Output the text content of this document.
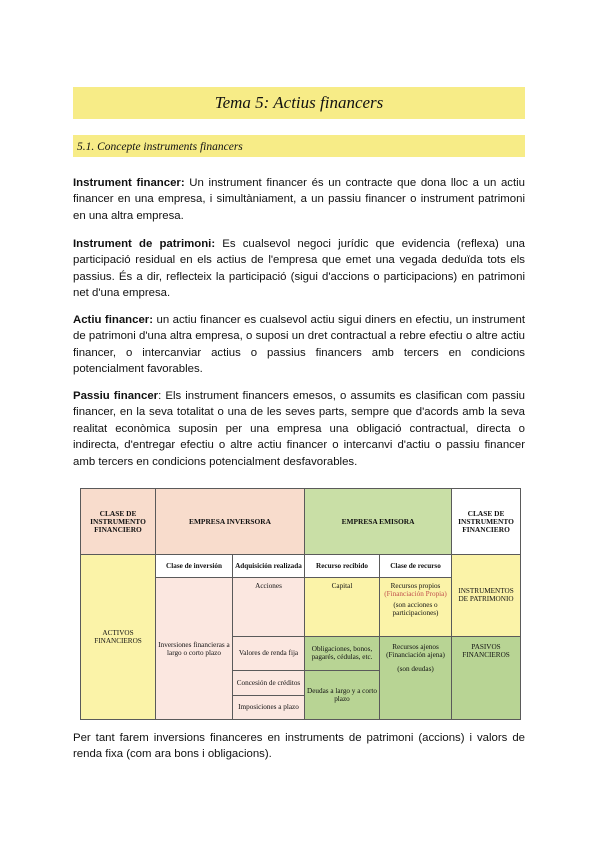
Tema 5: Actius financers
5.1. Concepte instruments financers

Instrument financer: Un instrument financer és un contracte que dona lloc a un actiu financer en una empresa, i simultàniament, a un passiu financer o instrument patrimoni en una altra empresa.

Instrument de patrimoni: Es cualsevol negoci jurídic que evidencia (reflexa) una participació residual en els actius de l'empresa que emet una vegada deduïda tots els passius. És a dir, reflecteix la participació (sigui d'accions o participacions) en patrimoni net d'una empresa.

Actiu financer: un actiu financer es cualsevol actiu sigui diners en efectiu, un instrument de patrimoni d'una altra empresa, o suposi un dret contractual a rebre efectiu o altre actiu financer, o intercanviar actius o passius financers amb tercers en condicions potencialment favorables.

Passiu financer: Els instrument financers emesos, o assumits es clasifican com passiu financer, en la seva totalitat o una de les seves parts, sempre que d'acords amb la seva realitat econòmica suposin per una empresa una obligació contractual, directa o indirecta, d'entregar efectiu o altre actiu financer o intercanvi d'actiu o passiu financer amb tercers en condicions potencialment desfavorables.

CLASE DE INSTRUMENTO FINANCIERO	EMPRESA INVERSORA		EMPRESA EMISORA		CLASE DE INSTRUMENTO FINANCIERO
ACTIVOS FINANCIEROS	Clase de inversión	Adquisición realizada	Recurso recibido	Clase de recurso	INSTRUMENTOS DE PATRIMONIO
	Inversiones financieras a largo o corto plazo	Acciones	Capital	Recursos propios
(Financiación Propia)
(son acciones o participaciones)	

		Valores de renda fija	Obligaciones, bonos, pagarés, cédulas, etc.	Recursos ajenos
(Financiación ajena)
(son deudas)	PASIVOS FINANCIEROS
		Concesión de créditos	Deudas a largo y a corto plazo		
		Imposiciones a plazo			

Per tant farem inversions financeres en instruments de patrimoni (accions) i valors de renda fixa (com ara bons i obligacions).
